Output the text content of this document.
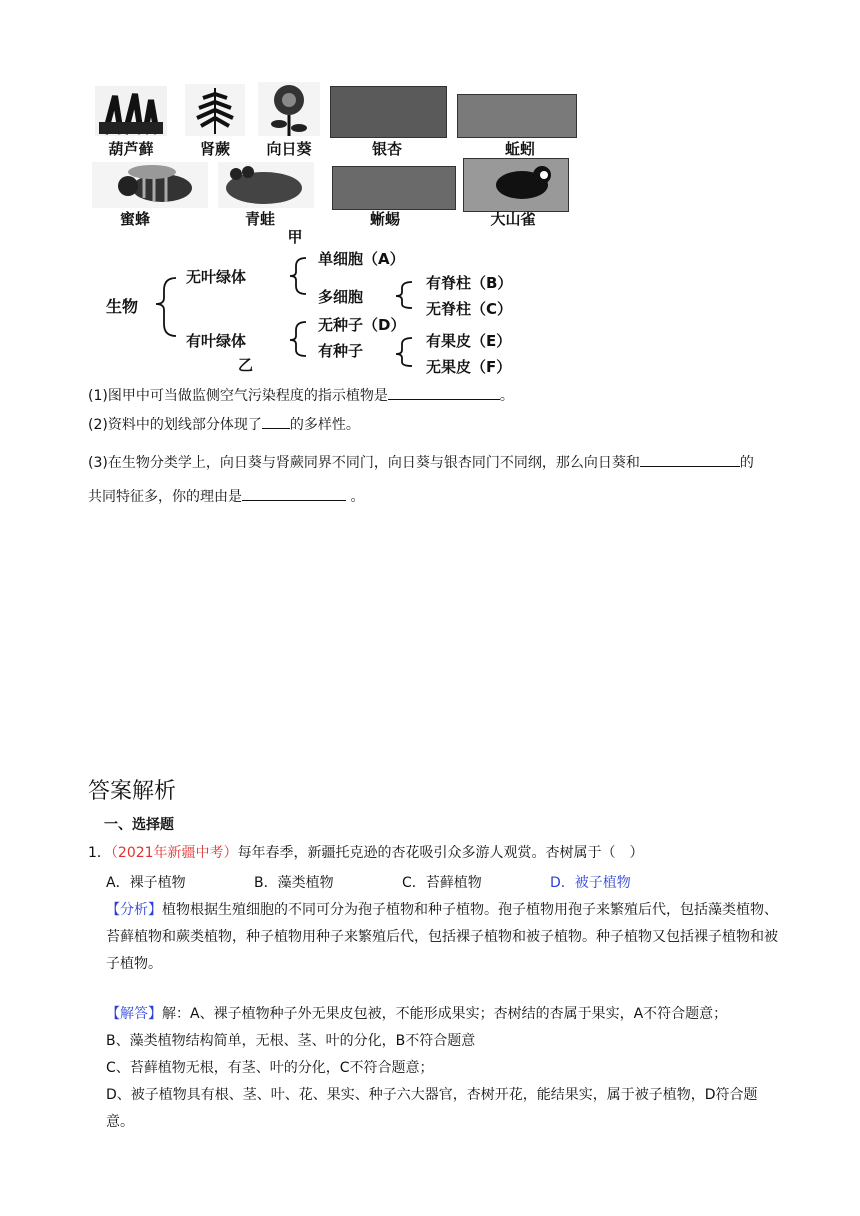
葫芦藓	肾蕨	向日葵	银杏	蚯蚓
蜜蜂	青蛙	蜥蜴	大山雀
甲
生物
无叶绿体
单细胞（A）
多细胞
有脊柱（B）
无脊柱（C）
有叶绿体
无种子（D）
有种子
有果皮（E）
无果皮（F）
乙
(1)图甲中可当做监侧空气污染程度的指示植物是	。
(2)资料中的划线部分体现了 的多样性。
(3)在生物分类学上，向日葵与肾蕨同界不同门，向日葵与银杏同门不同纲，那么向日葵和	的
共同特征多，你的理由是	。
答案解析
一、选择题
1．（2021年新疆中考）每年春季，新疆托克逊的杏花吸引众多游人观赏。杏树属于（　）
A．裸子植物	B．藻类植物	C．苔藓植物	D．被子植物
【分析】植物根据生殖细胞的不同可分为孢子植物和种子植物。孢子植物用孢子来繁殖后代，包括藻类植物、苔藓植物和蕨类植物，种子植物用种子来繁殖后代，包括裸子植物和被子植物。种子植物又包括裸子植物和被子植物。
【解答】解：A、裸子植物种子外无果皮包被，不能形成果实；杏树结的杏属于果实，A不符合题意；
B、藻类植物结构简单，无根、茎、叶的分化，B不符合题意
C、苔藓植物无根，有茎、叶的分化，C不符合题意；
D、被子植物具有根、茎、叶、花、果实、种子六大器官，杏树开花，能结果实，属于被子植物，D符合题意。
